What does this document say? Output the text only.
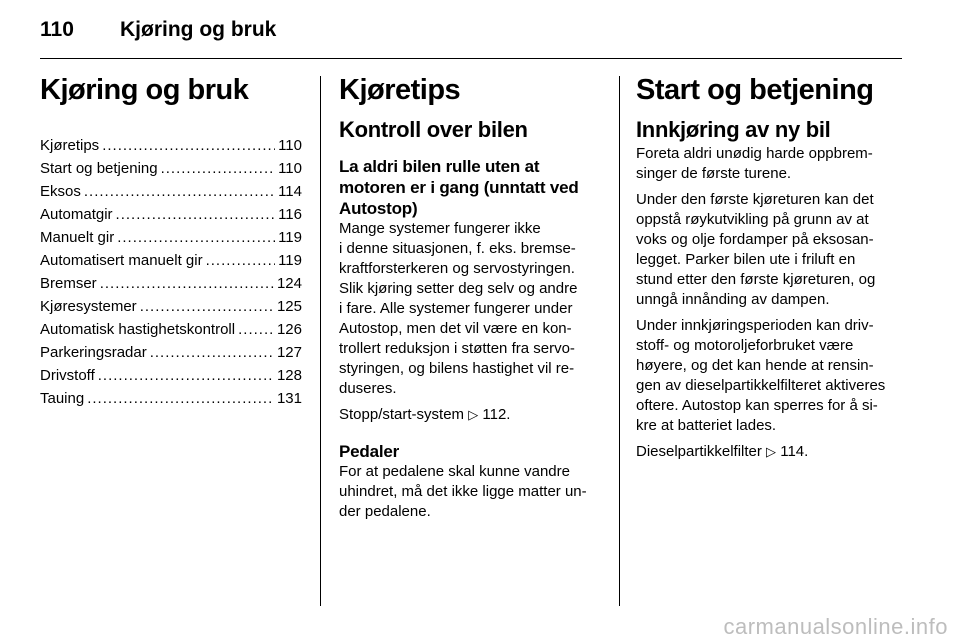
110 Kjøring og bruk
Kjøring og bruk
Kjøretips .....	110
Start og betjening .....	110
Eksos .....	114
Automatgir .....	116
Manuelt gir .....	119
Automatisert manuelt gir .....	119
Bremser .....	124
Kjøresystemer .....	125
Automatisk hastighetskontroll .....	126
Parkeringsradar .....	127
Drivstoff .....	128
Tauing .....	131
Kjøretips
Kontroll over bilen
La aldri bilen rulle uten at
motoren er i gang (unntatt ved
Autostop)

Mange systemer fungerer ikke
i denne situasjonen, f. eks. bremse-
kraftforsterkeren og servostyringen.
Slik kjøring setter deg selv og andre
i fare. Alle systemer fungerer under
Autostop, men det vil være en kon-
trollert reduksjon i støtten fra servo-
styringen, og bilens hastighet vil re-
duseres.

Stopp/start-system ▷ 112.

Pedaler

For at pedalene skal kunne vandre
uhindret, må det ikke ligge matter un-
der pedalene.

Start og betjening
Innkjøring av ny bil

Foreta aldri unødig harde oppbrem-
singer de første turene.

Under den første kjøreturen kan det
oppstå røykutvikling på grunn av at
voks og olje fordamper på eksosan-
legget. Parker bilen ute i friluft en
stund etter den første kjøreturen, og
unngå innånding av dampen.

Under innkjøringsperioden kan driv-
stoff- og motoroljeforbruket være
høyere, og det kan hende at rensin-
gen av dieselpartikkelfilteret aktiveres
oftere. Autostop kan sperres for å si-
kre at batteriet lades.

Dieselpartikkelfilter ▷ 114.

carmanualsonline.info
